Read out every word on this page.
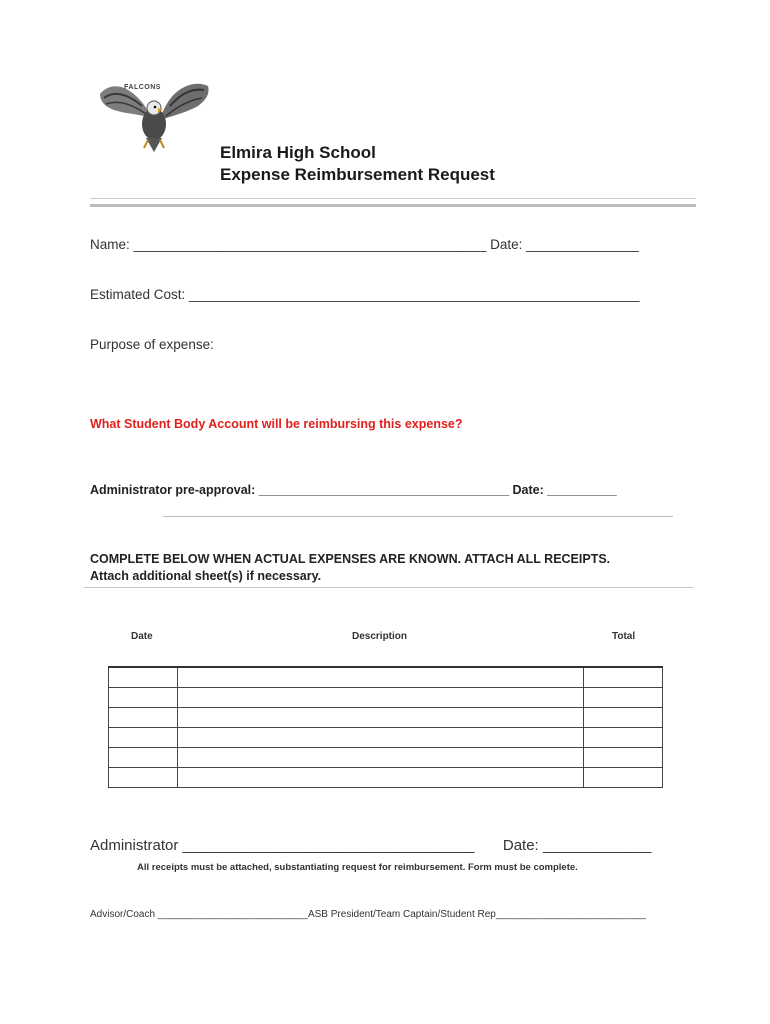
FALCONS
Elmira High School
Expense Reimbursement Request
Name: _______________________________________________ Date: _______________
Estimated Cost: ____________________________________________________________
Purpose of expense:
What Student Body Account will be reimbursing this expense?
Administrator pre-approval: ____________________________________ Date: __________
COMPLETE BELOW WHEN ACTUAL EXPENSES ARE KNOWN. ATTACH ALL RECEIPTS.
Attach additional sheet(s) if necessary.
Date	Description	Total

Administrator ___________________________________ Date: _____________
All receipts must be attached, substantiating request for reimbursement. Form must be complete.
Advisor/Coach ___________________________ASB President/Team Captain/Student Rep___________________________
